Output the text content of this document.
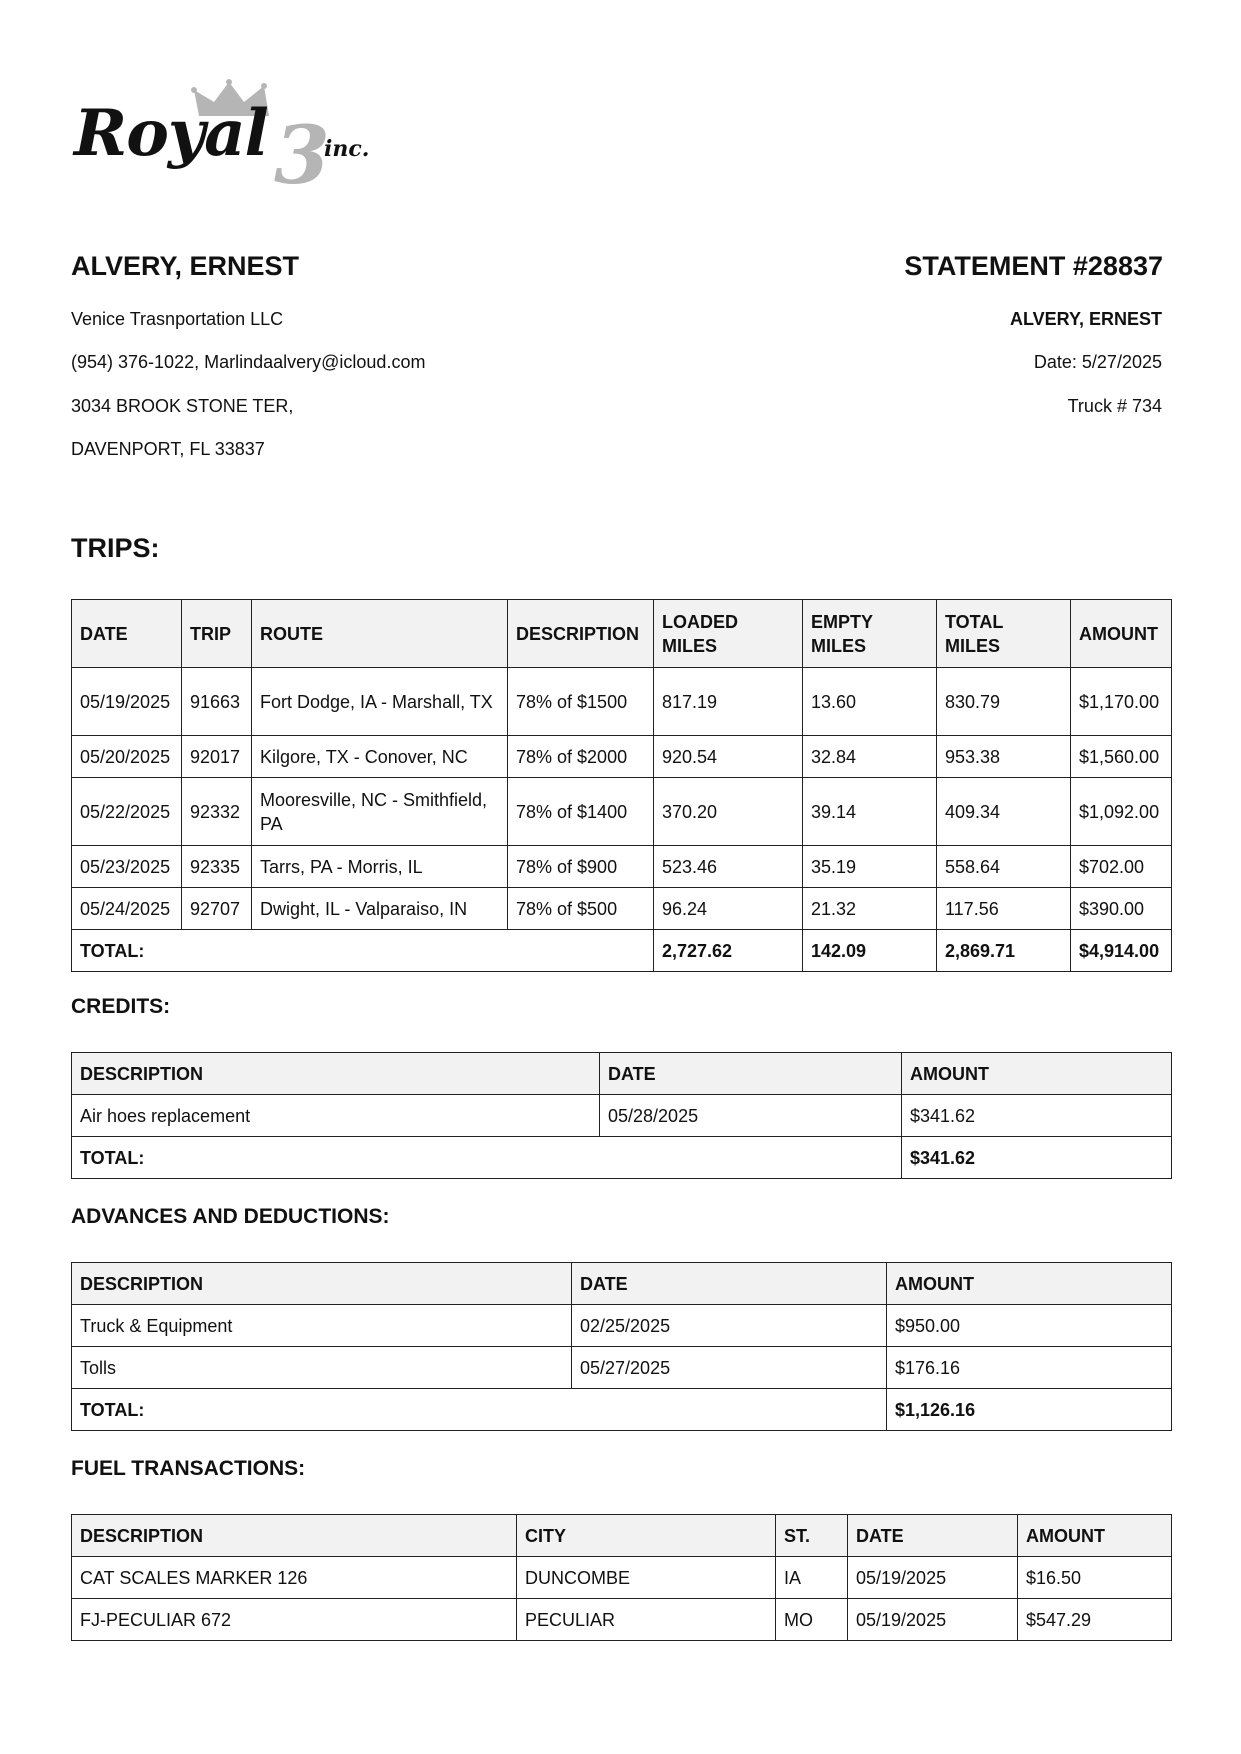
Royal 3
inc.
ALVERY, ERNEST	STATEMENT #28837
Venice Trasnportation LLC
(954) 376-1022, Marlindaalvery@icloud.com
3034 BROOK STONE TER,
DAVENPORT, FL 33837
ALVERY, ERNEST
Date: 5/27/2025
Truck # 734
TRIPS:
DATE	TRIP	ROUTE	DESCRIPTION	LOADED MILES	EMPTY MILES	TOTAL MILES	AMOUNT
05/19/2025	91663	Fort Dodge, IA - Marshall, TX	78% of $1500	817.19	13.60	830.79	$1,170.00
05/20/2025	92017	Kilgore, TX - Conover, NC	78% of $2000	920.54	32.84	953.38	$1,560.00
05/22/2025	92332	Mooresville, NC - Smithfield, PA	78% of $1400	370.20	39.14	409.34	$1,092.00
05/23/2025	92335	Tarrs, PA - Morris, IL	78% of $900	523.46	35.19	558.64	$702.00
05/24/2025	92707	Dwight, IL - Valparaiso, IN	78% of $500	96.24	21.32	117.56	$390.00
TOTAL:				2,727.62	142.09	2,869.71	$4,914.00
CREDITS:
DESCRIPTION	DATE	AMOUNT
Air hoes replacement	05/28/2025	$341.62
TOTAL:		$341.62
ADVANCES AND DEDUCTIONS:
DESCRIPTION	DATE	AMOUNT
Truck & Equipment	02/25/2025	$950.00
Tolls	05/27/2025	$176.16
TOTAL:		$1,126.16
FUEL TRANSACTIONS:
DESCRIPTION	CITY	ST.	DATE	AMOUNT
CAT SCALES MARKER 126	DUNCOMBE	IA	05/19/2025	$16.50
FJ-PECULIAR 672	PECULIAR	MO	05/19/2025	$547.29
